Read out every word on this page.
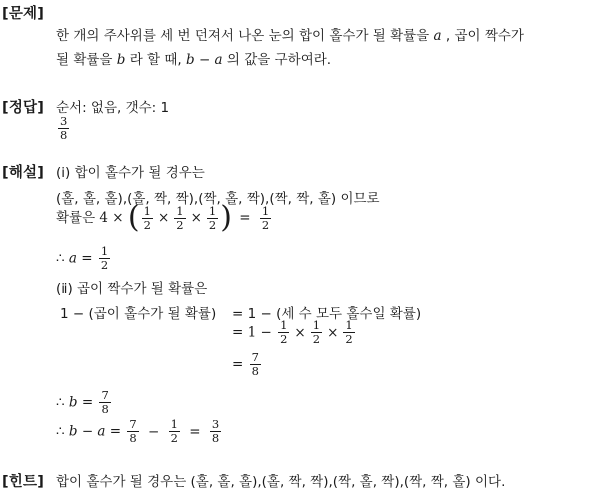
[문제]
한 개의 주사위를 세 번 던져서 나온 눈의 합이 홀수가 될 확률을 a , 곱이 짝수가
될 확률을 b 라 할 때, b − a 의 값을 구하여라.
[정답] 순서: 없음, 갯수: 1
$\frac{3}{8}$
[해설] (ⅰ) 합이 홀수가 될 경우는
(홀, 홀, 홀),(홀, 짝, 짝),(짝, 홀, 짝),(짝, 짝, 홀) 이므로
확률은 4 × ( $\frac{1}{2} \times \frac{1}{2} \times \frac{1}{2}$ ) = $\frac{1}{2}$
∴ $a = \frac{1}{2}$
(ⅱ) 곱이 짝수가 될 확률은
1 − (곱이 홀수가 될 확률) = 1 − (세 수 모두 홀수일 확률)
= $1 - \frac{1}{2} \times \frac{1}{2} \times \frac{1}{2}$
= $\frac{7}{8}$
∴ $b = \frac{7}{8}$
∴ $b - a = \frac{7}{8} - \frac{1}{2} = \frac{3}{8}$
[힌트] 합이 홀수가 될 경우는 (홀, 홀, 홀),(홀, 짝, 짝),(짝, 홀, 짝),(짝, 짝, 홀) 이다.
